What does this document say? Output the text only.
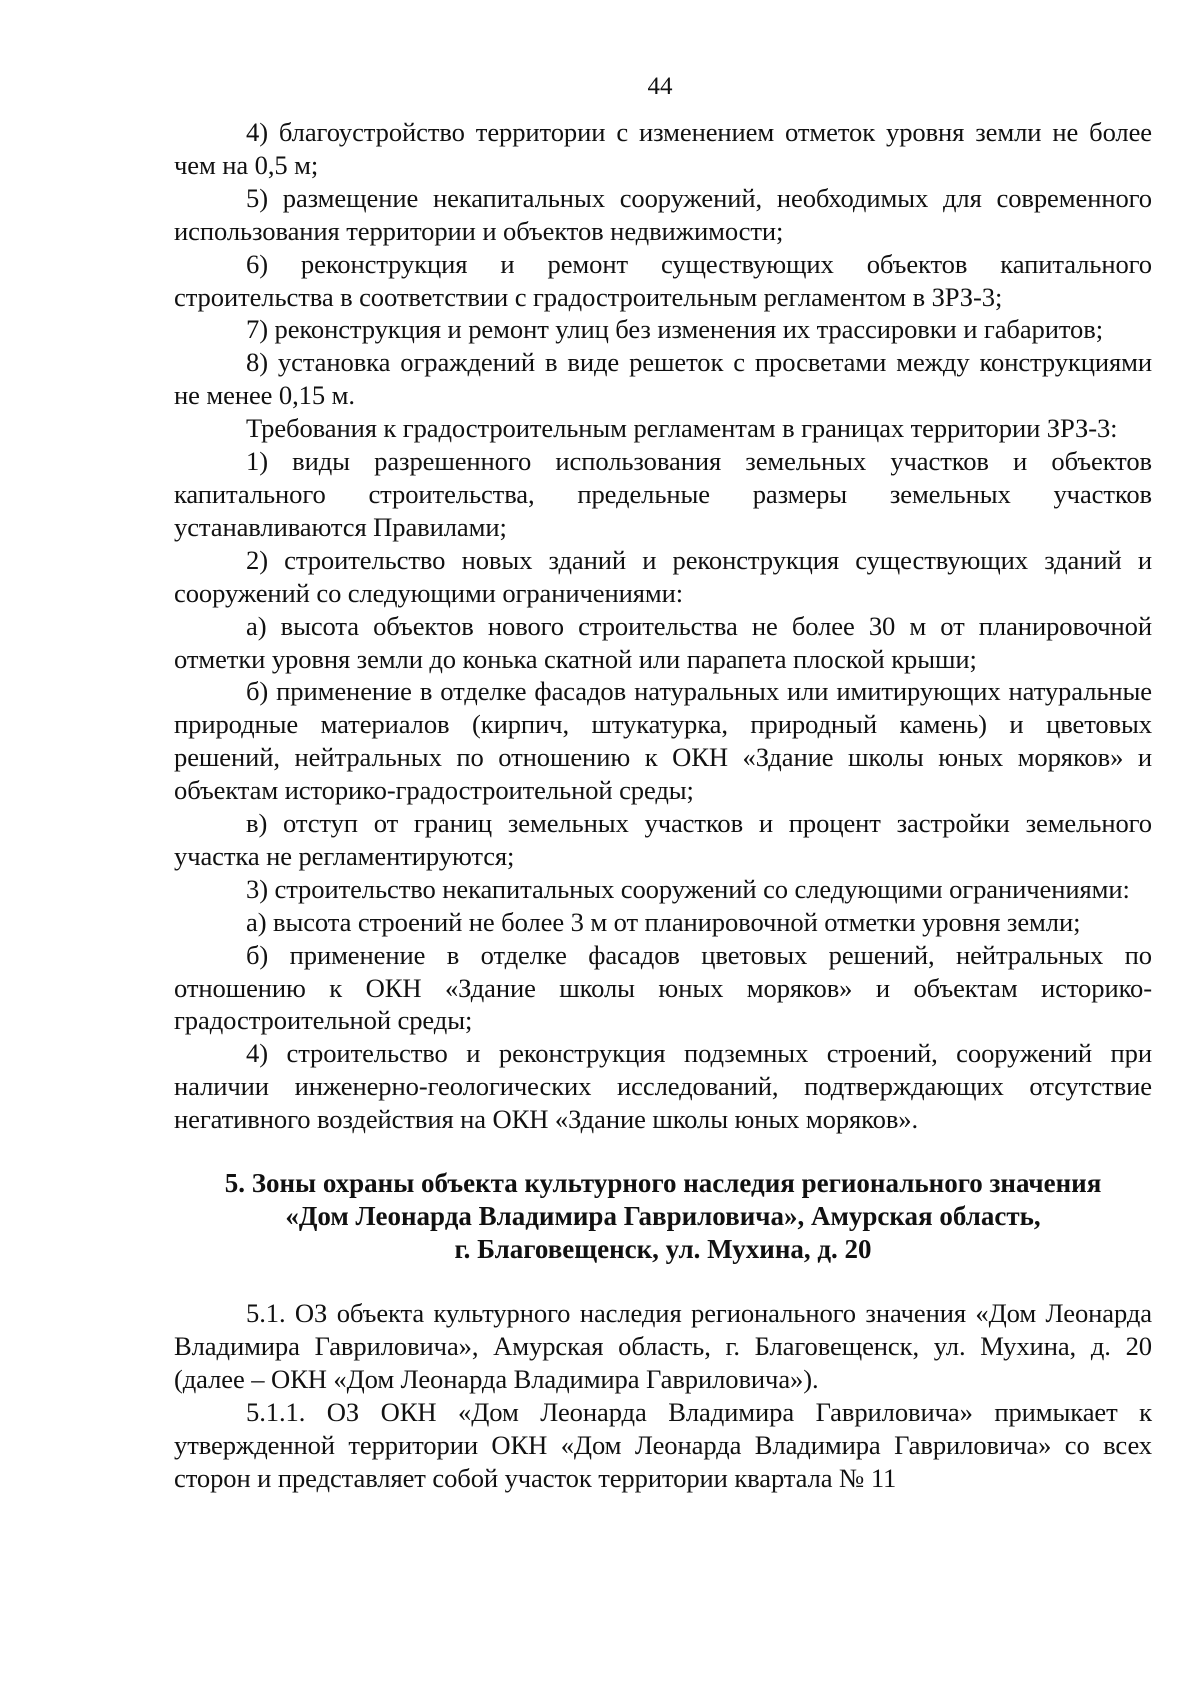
44

4) благоустройство территории с изменением отметок уровня земли не более чем на 0,5 м;

5) размещение некапитальных сооружений, необходимых для современного использования территории и объектов недвижимости;

6) реконструкция и ремонт существующих объектов капитального строительства в соответствии с градостроительным регламентом в ЗРЗ-3;

7) реконструкция и ремонт улиц без изменения их трассировки и габаритов;

8) установка ограждений в виде решеток с просветами между конструкциями не менее 0,15 м.

Требования к градостроительным регламентам в границах территории ЗРЗ-3:

1) виды разрешенного использования земельных участков и объектов капитального строительства, предельные размеры земельных участков устанавливаются Правилами;

2) строительство новых зданий и реконструкция существующих зданий и сооружений со следующими ограничениями:

а) высота объектов нового строительства не более 30 м от планировочной отметки уровня земли до конька скатной или парапета плоской крыши;

б) применение в отделке фасадов натуральных или имитирующих натуральные природные материалов (кирпич, штукатурка, природный камень) и цветовых решений, нейтральных по отношению к ОКН «Здание школы юных моряков» и объектам историко-градостроительной среды;

в) отступ от границ земельных участков и процент застройки земельного участка не регламентируются;

3) строительство некапитальных сооружений со следующими ограничениями:

а) высота строений не более 3 м от планировочной отметки уровня земли;

б) применение в отделке фасадов цветовых решений, нейтральных по отношению к ОКН «Здание школы юных моряков» и объектам историко-градостроительной среды;

4) строительство и реконструкция подземных строений, сооружений при наличии инженерно-геологических исследований, подтверждающих отсутствие негативного воздействия на ОКН «Здание школы юных моряков».

5. Зоны охраны объекта культурного наследия регионального значения
«Дом Леонарда Владимира Гавриловича», Амурская область,
г. Благовещенск, ул. Мухина, д. 20

5.1. ОЗ объекта культурного наследия регионального значения «Дом Леонарда Владимира Гавриловича», Амурская область, г. Благовещенск, ул. Мухина, д. 20 (далее – ОКН «Дом Леонарда Владимира Гавриловича»).

5.1.1. ОЗ ОКН «Дом Леонарда Владимира Гавриловича» примыкает к утвержденной территории ОКН «Дом Леонарда Владимира Гавриловича» со всех сторон и представляет собой участок территории квартала № 11
